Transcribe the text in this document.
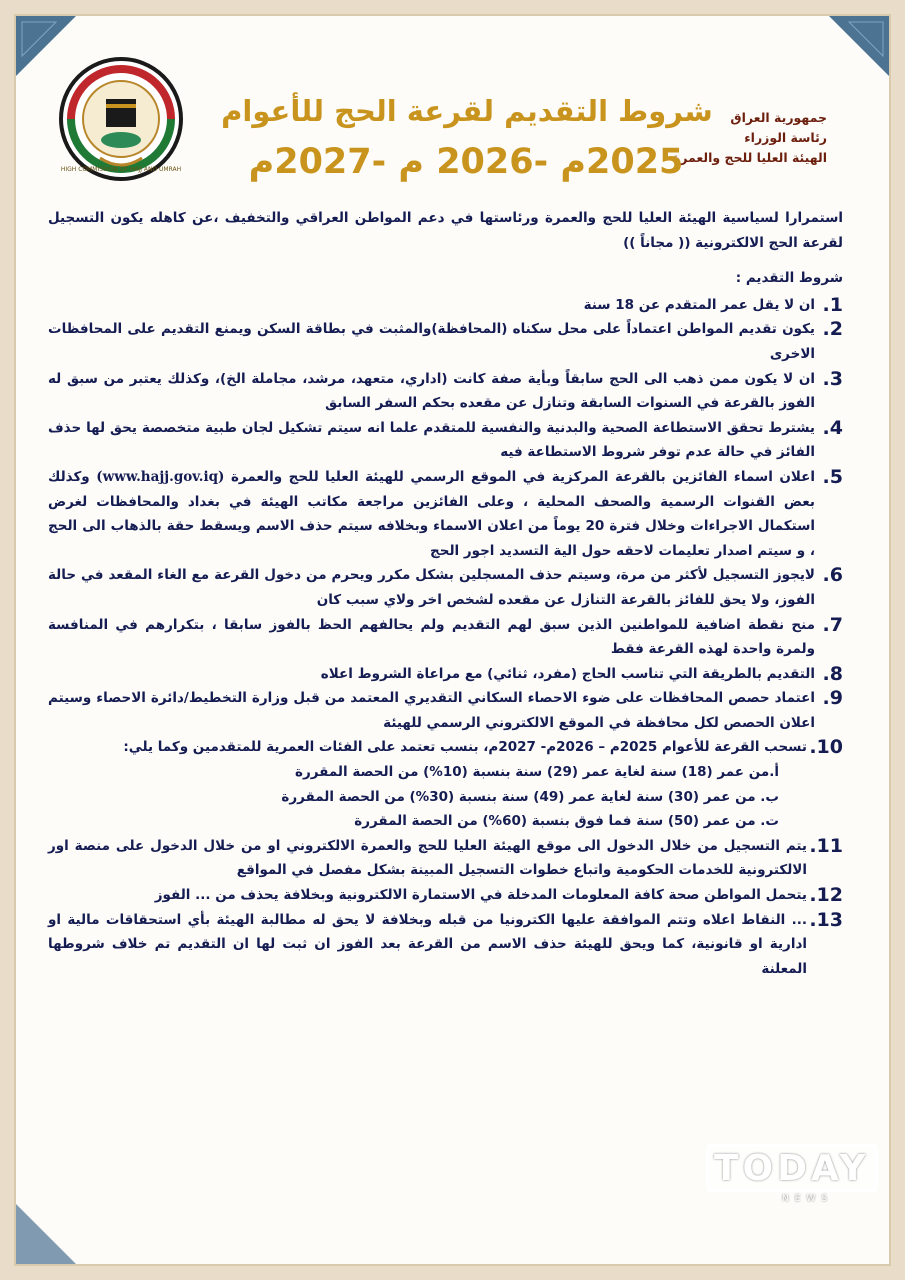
HIGH COMMISSION OF HAJJ AND UMRAH
جمهورية العراق
رئاسة الوزراء
الهيئة العليا للحج والعمرة
شروط التقديم لقرعة الحج للأعوام
2025م -2026 م -2027م

استمرارا لسياسية الهيئة العليا للحج والعمرة ورئاستها في دعم المواطن العراقي والتخفيف ،عن كاهله يكون التسجيل لقرعة الحج الالكترونية (( مجاناً ))

شروط التقديم :

1.
ان لا يقل عمر المتقدم عن 18 سنة
2.
يكون تقديم المواطن اعتماداً على محل سكناه (المحافظة)والمثبت في بطاقة السكن ويمنع التقديم على المحافظات الاخرى
3.
ان لا يكون ممن ذهب الى الحج سابقاً وبأية صفة كانت (اداري، متعهد، مرشد، مجاملة الخ)، وكذلك يعتبر من سبق له الفوز بالقرعة في السنوات السابقة وتنازل عن مقعده بحكم السفر السابق
4.
يشترط تحقق الاستطاعة الصحية والبدنية والنفسية للمتقدم علما انه سيتم تشكيل لجان طبية متخصصة يحق لها حذف الفائز في حالة عدم توفر شروط الاستطاعة فيه
5.
اعلان اسماء الفائزين بالقرعة المركزية في الموقع الرسمي للهيئة العليا للحج والعمرة (www.hajj.gov.iq) وكذلك بعض القنوات الرسمية والصحف المحلية ، وعلى الفائزين مراجعة مكاتب الهيئة في بغداد والمحافظات لغرض استكمال الاجراءات وخلال فترة 20 يوماً من اعلان الاسماء وبخلافه سيتم حذف الاسم ويسقط حقة بالذهاب الى الحج ، و سيتم اصدار تعليمات لاحقه حول الية التسديد اجور الحج
6.
لايجوز التسجيل لأكثر من مرة، وسيتم حذف المسجلين بشكل مكرر ويحرم من دخول القرعة مع الغاء المقعد في حالة الفوز، ولا يحق للفائز بالقرعة التنازل عن مقعده لشخص اخر ولاي سبب كان
7.
منح نقطة اضافية للمواطنين الذين سبق لهم التقديم ولم يحالفهم الحظ بالفوز سابقا ، بتكرارهم في المنافسة ولمرة واحدة لهذه القرعة فقط
8.
التقديم بالطريقة التي تناسب الحاج (مفرد، ثنائي) مع مراعاة الشروط اعلاه
9.
اعتماد حصص المحافظات على ضوء الاحصاء السكاني التقديري المعتمد من قبل وزارة التخطيط/دائرة الاحصاء وسيتم اعلان الحصص لكل محافظة في الموقع الالكتروني الرسمي للهيئة
10.
تسحب القرعة للأعوام 2025م – 2026م- 2027م، بنسب تعتمد على الفئات العمرية للمتقدمين وكما يلي:
أ.من عمر (18) سنة لغاية عمر (29) سنة بنسبة (10%) من الحصة المقررة
ب. من عمر (30) سنة لغاية عمر (49) سنة بنسبة (30%) من الحصة المقررة
ت. من عمر (50) سنة فما فوق بنسبة (60%) من الحصة المقررة
11.
يتم التسجيل من خلال الدخول الى موقع الهيئة العليا للحج والعمرة الالكتروني او من خلال الدخول على منصة اور الالكترونية للخدمات الحكومية واتباع خطوات التسجيل المبينة بشكل مفصل في المواقع
12.
يتحمل المواطن صحة كافة المعلومات المدخلة في الاستمارة الالكترونية وبخلافة يحذف من ... الفوز
13.
... النقاط اعلاه وتتم الموافقة عليها الكترونيا من قبله وبخلافة لا يحق له مطالبة الهيئة بأي استحقاقات مالية او ادارية او قانونية، كما ويحق للهيئة حذف الاسم من القرعة بعد الفوز ان ثبت لها ان التقديم تم خلاف شروطها المعلنة
TODAY
NEWS
